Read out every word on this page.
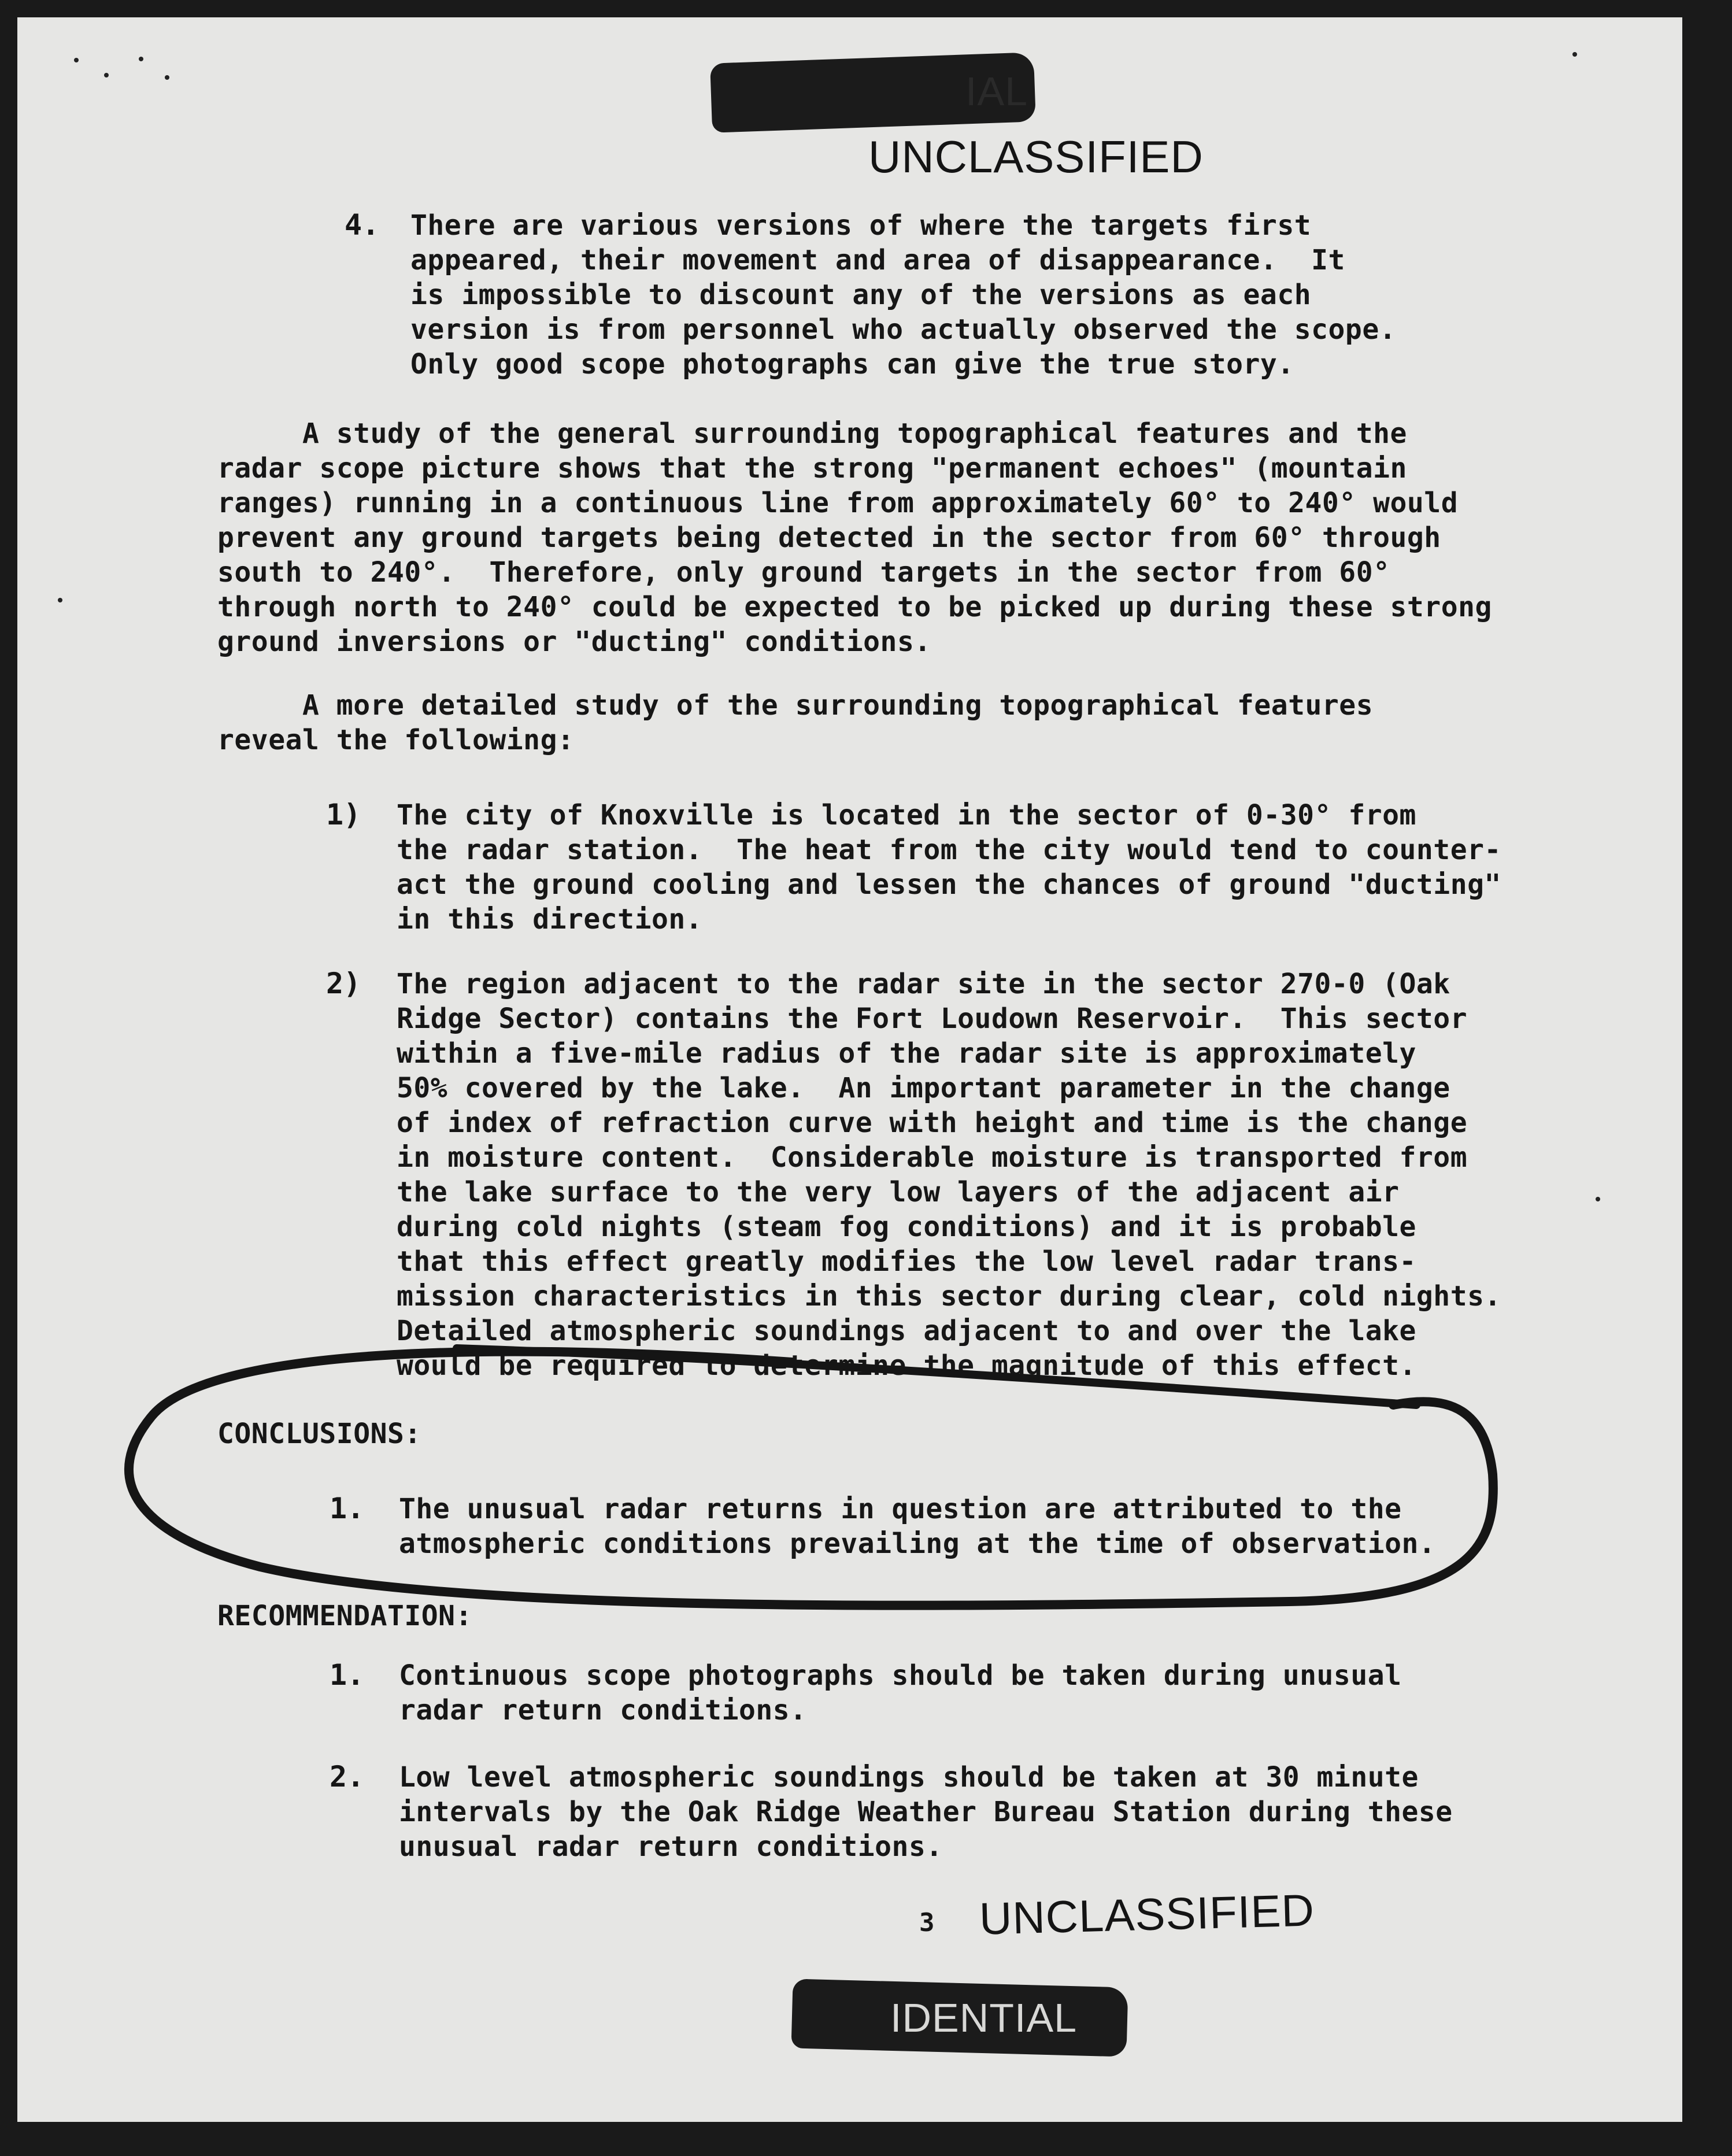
IAL
UNCLASSIFIED
4. There are various versions of where the targets first
appeared, their movement and area of disappearance.  It
is impossible to discount any of the versions as each
version is from personnel who actually observed the scope.
Only good scope photographs can give the true story.
A study of the general surrounding topographical features and the
radar scope picture shows that the strong "permanent echoes" (mountain
ranges) running in a continuous line from approximately 60° to 240° would
prevent any ground targets being detected in the sector from 60° through
south to 240°.  Therefore, only ground targets in the sector from 60°
through north to 240° could be expected to be picked up during these strong
ground inversions or "ducting" conditions.
A more detailed study of the surrounding topographical features
reveal the following:
1) The city of Knoxville is located in the sector of 0-30° from
the radar station.  The heat from the city would tend to counter-
act the ground cooling and lessen the chances of ground "ducting"
in this direction.
2) The region adjacent to the radar site in the sector 270-0 (Oak
Ridge Sector) contains the Fort Loudown Reservoir.  This sector
within a five-mile radius of the radar site is approximately
50% covered by the lake.  An important parameter in the change
of index of refraction curve with height and time is the change
in moisture content.  Considerable moisture is transported from
the lake surface to the very low layers of the adjacent air
during cold nights (steam fog conditions) and it is probable
that this effect greatly modifies the low level radar trans-
mission characteristics in this sector during clear, cold nights.
Detailed atmospheric soundings adjacent to and over the lake
would be required to determine the magnitude of this effect.
CONCLUSIONS:
1. The unusual radar returns in question are attributed to the
atmospheric conditions prevailing at the time of observation.
RECOMMENDATION:
1. Continuous scope photographs should be taken during unusual
radar return conditions.
2. Low level atmospheric soundings should be taken at 30 minute
intervals by the Oak Ridge Weather Bureau Station during these
unusual radar return conditions.
3 UNCLASSIFIED
IDENTIAL
